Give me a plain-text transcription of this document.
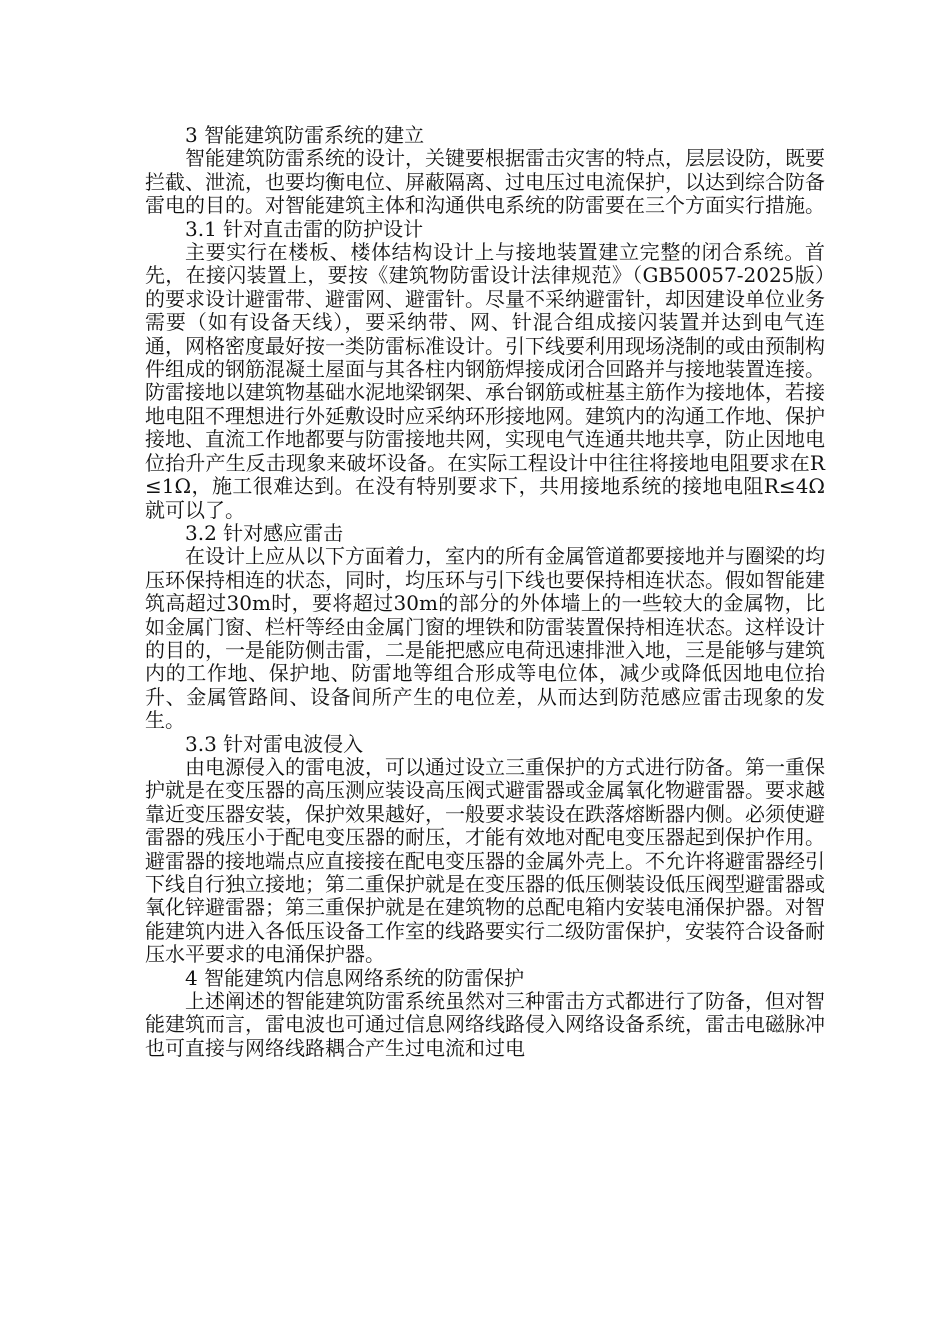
3 智能建筑防雷系统的建立

智能建筑防雷系统的设计，关键要根据雷击灾害的特点，层层设防，既要拦截、泄流，也要均衡电位、屏蔽隔离、过电压过电流保护，以达到综合防备雷电的目的。对智能建筑主体和沟通供电系统的防雷要在三个方面实行措施。

3.1 针对直击雷的防护设计

主要实行在楼板、楼体结构设计上与接地装置建立完整的闭合系统。首先，在接闪装置上，要按《建筑物防雷设计法律规范》（GB50057-2025版）的要求设计避雷带、避雷网、避雷针。尽量不采纳避雷针，却因建设单位业务需要（如有设备天线），要采纳带、网、针混合组成接闪装置并达到电气连通，网格密度最好按一类防雷标准设计。引下线要利用现场浇制的或由预制构件组成的钢筋混凝土屋面与其各柱内钢筋焊接成闭合回路并与接地装置连接。防雷接地以建筑物基础水泥地梁钢架、承台钢筋或桩基主筋作为接地体，若接地电阻不理想进行外延敷设时应采纳环形接地网。建筑内的沟通工作地、保护接地、直流工作地都要与防雷接地共网，实现电气连通共地共享，防止因地电位抬升产生反击现象来破坏设备。在实际工程设计中往往将接地电阻要求在R≤1Ω，施工很难达到。在没有特别要求下，共用接地系统的接地电阻R≤4Ω就可以了。

3.2 针对感应雷击

在设计上应从以下方面着力，室内的所有金属管道都要接地并与圈梁的均压环保持相连的状态，同时，均压环与引下线也要保持相连状态。假如智能建筑高超过30m时，要将超过30m的部分的外体墙上的一些较大的金属物，比如金属门窗、栏杆等经由金属门窗的埋铁和防雷装置保持相连状态。这样设计的目的，一是能防侧击雷，二是能把感应电荷迅速排泄入地，三是能够与建筑内的工作地、保护地、防雷地等组合形成等电位体，减少或降低因地电位抬升、金属管路间、设备间所产生的电位差，从而达到防范感应雷击现象的发生。

3.3 针对雷电波侵入

由电源侵入的雷电波，可以通过设立三重保护的方式进行防备。第一重保护就是在变压器的高压测应装设高压阀式避雷器或金属氧化物避雷器。要求越靠近变压器安装，保护效果越好，一般要求装设在跌落熔断器内侧。必须使避雷器的残压小于配电变压器的耐压，才能有效地对配电变压器起到保护作用。避雷器的接地端点应直接接在配电变压器的金属外壳上。不允许将避雷器经引下线自行独立接地；第二重保护就是在变压器的低压侧装设低压阀型避雷器或氧化锌避雷器；第三重保护就是在建筑物的总配电箱内安装电涌保护器。对智能建筑内进入各低压设备工作室的线路要实行二级防雷保护，安装符合设备耐压水平要求的电涌保护器。

4 智能建筑内信息网络系统的防雷保护

上述阐述的智能建筑防雷系统虽然对三种雷击方式都进行了防备，但对智能建筑而言，雷电波也可通过信息网络线路侵入网络设备系统，雷击电磁脉冲也可直接与网络线路耦合产生过电流和过电
